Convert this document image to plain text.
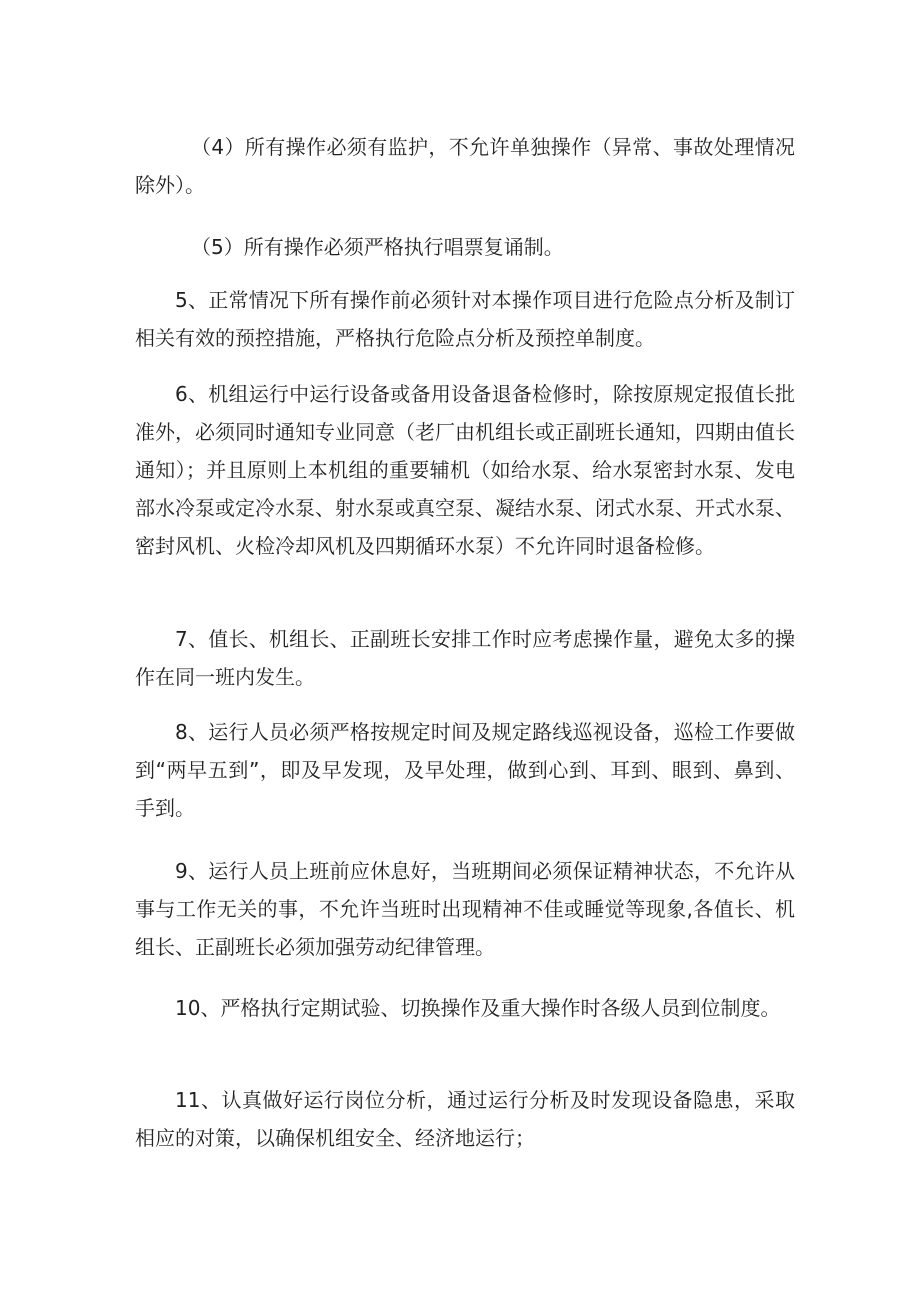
（4）所有操作必须有监护，不允许单独操作（异常、事故处理情况除外）。

（5）所有操作必须严格执行唱票复诵制。

5、正常情况下所有操作前必须针对本操作项目进行危险点分析及制订相关有效的预控措施，严格执行危险点分析及预控单制度。

6、机组运行中运行设备或备用设备退备检修时，除按原规定报值长批准外，必须同时通知专业同意（老厂由机组长或正副班长通知，四期由值长通知）；并且原则上本机组的重要辅机（如给水泵、给水泵密封水泵、发电部水冷泵或定冷水泵、射水泵或真空泵、凝结水泵、闭式水泵、开式水泵、密封风机、火检冷却风机及四期循环水泵）不允许同时退备检修。

7、值长、机组长、正副班长安排工作时应考虑操作量，避免太多的操作在同一班内发生。

8、运行人员必须严格按规定时间及规定路线巡视设备，巡检工作要做到“两早五到”，即及早发现，及早处理，做到心到、耳到、眼到、鼻到、手到。

9、运行人员上班前应休息好，当班期间必须保证精神状态，不允许从事与工作无关的事，不允许当班时出现精神不佳或睡觉等现象,各值长、机组长、正副班长必须加强劳动纪律管理。

10、严格执行定期试验、切换操作及重大操作时各级人员到位制度。

11、认真做好运行岗位分析，通过运行分析及时发现设备隐患，采取相应的对策，以确保机组安全、经济地运行；
